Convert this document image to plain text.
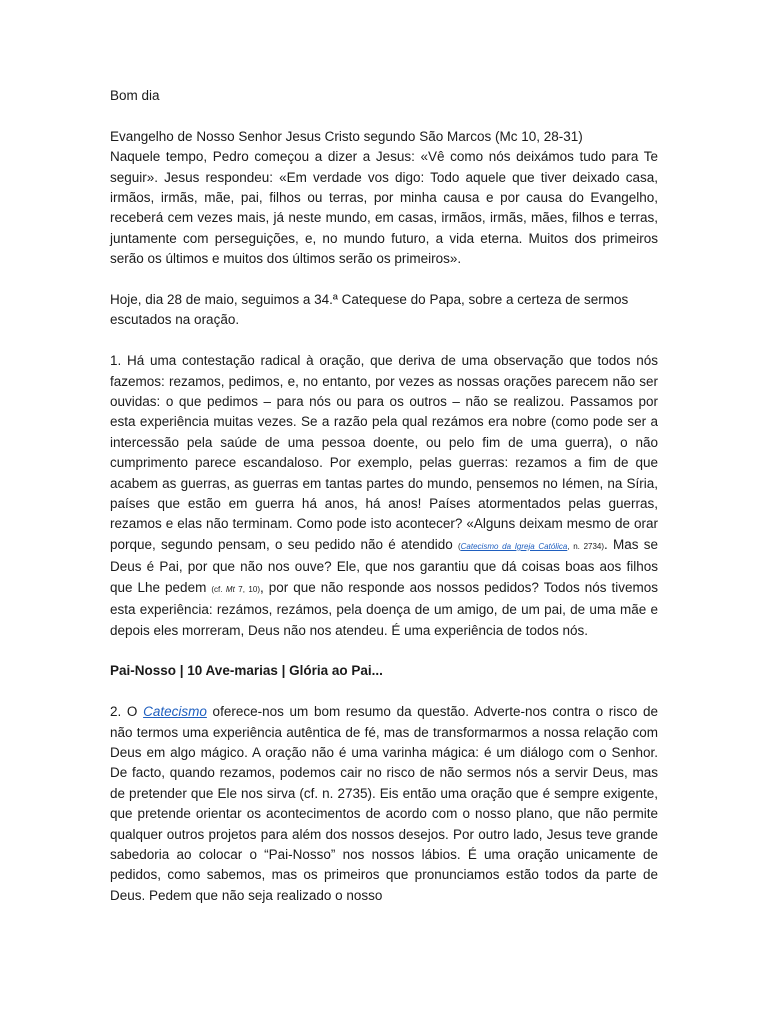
Bom dia

Evangelho de Nosso Senhor Jesus Cristo segundo São Marcos (Mc 10, 28-31)

Naquele tempo, Pedro começou a dizer a Jesus: «Vê como nós deixámos tudo para Te seguir». Jesus respondeu: «Em verdade vos digo: Todo aquele que tiver deixado casa, irmãos, irmãs, mãe, pai, filhos ou terras, por minha causa e por causa do Evangelho, receberá cem vezes mais, já neste mundo, em casas, irmãos, irmãs, mães, filhos e terras, juntamente com perseguições, e, no mundo futuro, a vida eterna. Muitos dos primeiros serão os últimos e muitos dos últimos serão os primeiros».

Hoje, dia 28 de maio, seguimos a 34.ª Catequese do Papa, sobre a certeza de sermos escutados na oração.

1. Há uma contestação radical à oração, que deriva de uma observação que todos nós fazemos: rezamos, pedimos, e, no entanto, por vezes as nossas orações parecem não ser ouvidas: o que pedimos – para nós ou para os outros – não se realizou. Passamos por esta experiência muitas vezes. Se a razão pela qual rezámos era nobre (como pode ser a intercessão pela saúde de uma pessoa doente, ou pelo fim de uma guerra), o não cumprimento parece escandaloso. Por exemplo, pelas guerras: rezamos a fim de que acabem as guerras, as guerras em tantas partes do mundo, pensemos no Iémen, na Síria, países que estão em guerra há anos, há anos! Países atormentados pelas guerras, rezamos e elas não terminam. Como pode isto acontecer? «Alguns deixam mesmo de orar porque, segundo pensam, o seu pedido não é atendido (Catecismo da Igreja Católica, n. 2734). Mas se Deus é Pai, por que não nos ouve? Ele, que nos garantiu que dá coisas boas aos filhos que Lhe pedem (cf. Mt 7, 10), por que não responde aos nossos pedidos? Todos nós tivemos esta experiência: rezámos, rezámos, pela doença de um amigo, de um pai, de uma mãe e depois eles morreram, Deus não nos atendeu. É uma experiência de todos nós.

Pai-Nosso | 10 Ave-marias | Glória ao Pai...

2. O Catecismo oferece-nos um bom resumo da questão. Adverte-nos contra o risco de não termos uma experiência autêntica de fé, mas de transformarmos a nossa relação com Deus em algo mágico. A oração não é uma varinha mágica: é um diálogo com o Senhor. De facto, quando rezamos, podemos cair no risco de não sermos nós a servir Deus, mas de pretender que Ele nos sirva (cf. n. 2735). Eis então uma oração que é sempre exigente, que pretende orientar os acontecimentos de acordo com o nosso plano, que não permite qualquer outros projetos para além dos nossos desejos. Por outro lado, Jesus teve grande sabedoria ao colocar o “Pai-Nosso” nos nossos lábios. É uma oração unicamente de pedidos, como sabemos, mas os primeiros que pronunciamos estão todos da parte de Deus. Pedem que não seja realizado o nosso
